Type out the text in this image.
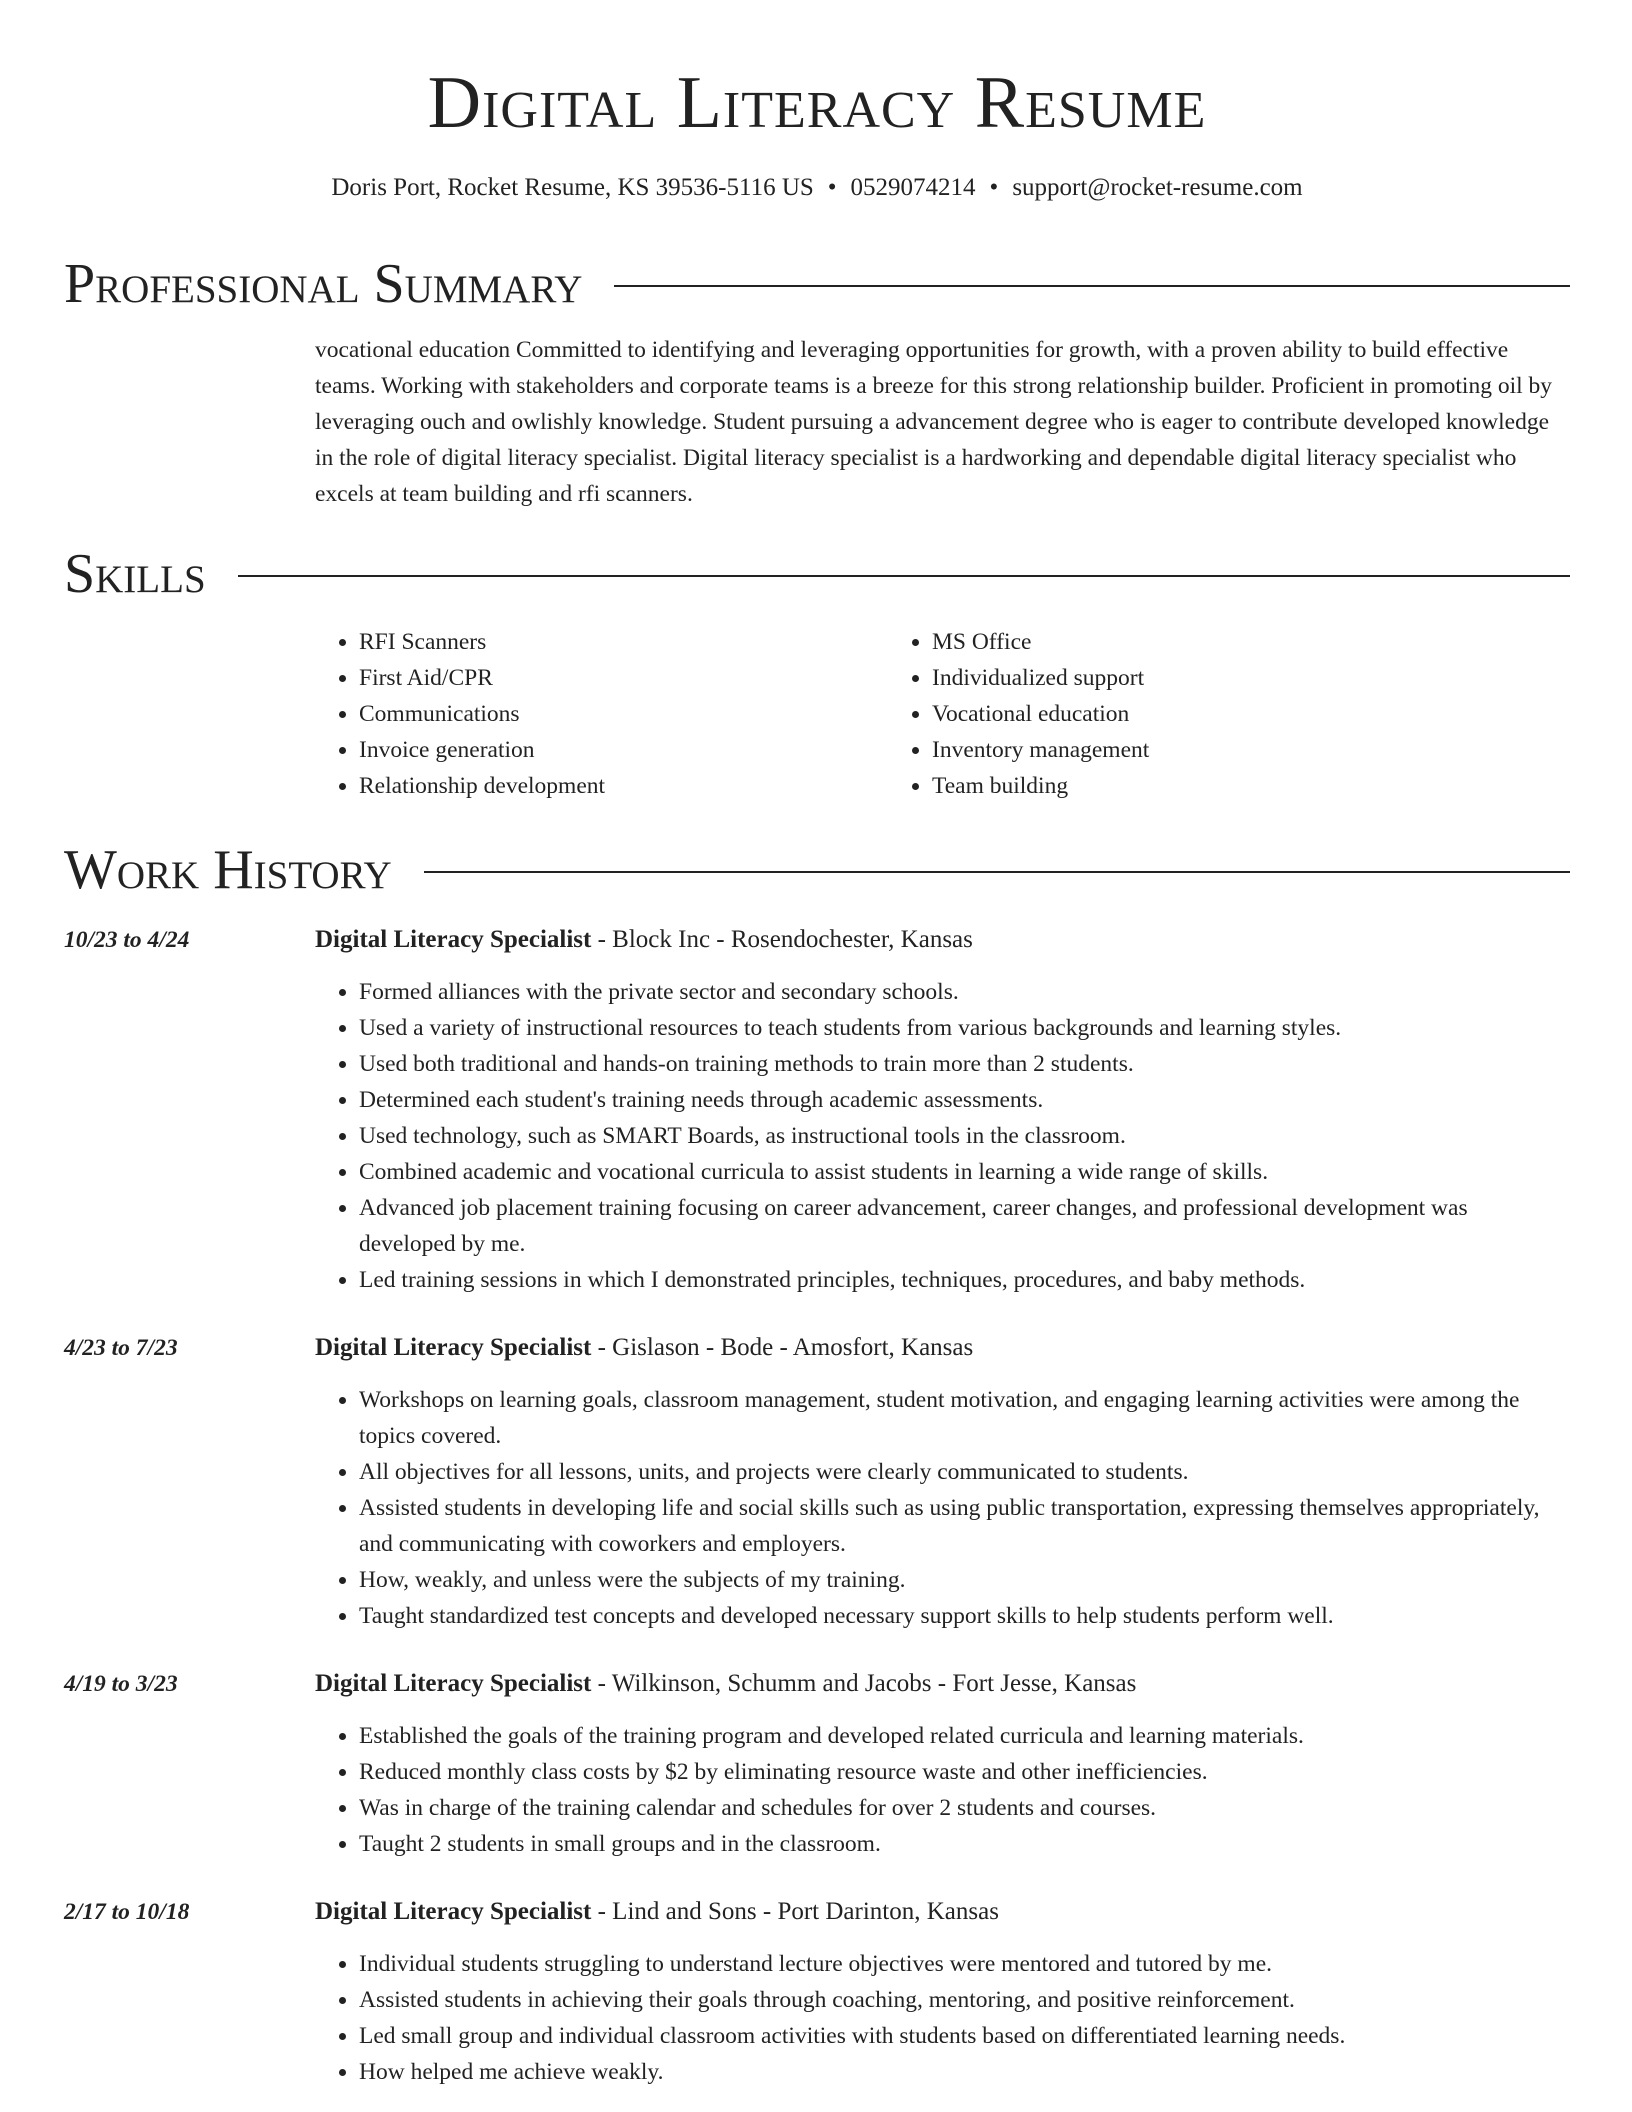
Digital Literacy Resume
Doris Port, Rocket Resume, KS 39536-5116 US • 0529074214 • support@rocket-resume.com
Professional Summary
vocational education Committed to identifying and leveraging opportunities for growth, with a proven ability to build effective teams. Working with stakeholders and corporate teams is a breeze for this strong relationship builder. Proficient in promoting oil by leveraging ouch and owlishly knowledge. Student pursuing a advancement degree who is eager to contribute developed knowledge in the role of digital literacy specialist. Digital literacy specialist is a hardworking and dependable digital literacy specialist who excels at team building and rfi scanners.
Skills
• RFI Scanners
• First Aid/CPR
• Communications
• Invoice generation
• Relationship development
• MS Office
• Individualized support
• Vocational education
• Inventory management
• Team building
Work History
10/23 to 4/24	Digital Literacy Specialist - Block Inc - Rosendochester, Kansas
• Formed alliances with the private sector and secondary schools.
• Used a variety of instructional resources to teach students from various backgrounds and learning styles.
• Used both traditional and hands-on training methods to train more than 2 students.
• Determined each student's training needs through academic assessments.
• Used technology, such as SMART Boards, as instructional tools in the classroom.
• Combined academic and vocational curricula to assist students in learning a wide range of skills.
• Advanced job placement training focusing on career advancement, career changes, and professional development was developed by me.
• Led training sessions in which I demonstrated principles, techniques, procedures, and baby methods.
4/23 to 7/23	Digital Literacy Specialist - Gislason - Bode - Amosfort, Kansas
• Workshops on learning goals, classroom management, student motivation, and engaging learning activities were among the topics covered.
• All objectives for all lessons, units, and projects were clearly communicated to students.
• Assisted students in developing life and social skills such as using public transportation, expressing themselves appropriately, and communicating with coworkers and employers.
• How, weakly, and unless were the subjects of my training.
• Taught standardized test concepts and developed necessary support skills to help students perform well.
4/19 to 3/23	Digital Literacy Specialist - Wilkinson, Schumm and Jacobs - Fort Jesse, Kansas
• Established the goals of the training program and developed related curricula and learning materials.
• Reduced monthly class costs by $2 by eliminating resource waste and other inefficiencies.
• Was in charge of the training calendar and schedules for over 2 students and courses.
• Taught 2 students in small groups and in the classroom.
2/17 to 10/18	Digital Literacy Specialist - Lind and Sons - Port Darinton, Kansas
• Individual students struggling to understand lecture objectives were mentored and tutored by me.
• Assisted students in achieving their goals through coaching, mentoring, and positive reinforcement.
• Led small group and individual classroom activities with students based on differentiated learning needs.
• How helped me achieve weakly.
